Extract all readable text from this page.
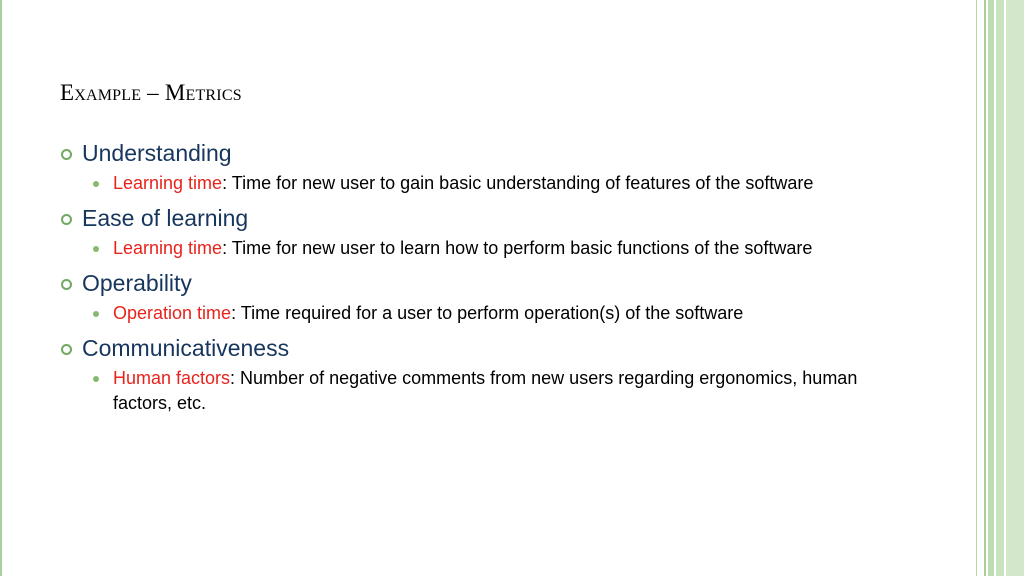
Example – Metrics
Understanding
Learning time: Time for new user to gain basic understanding of features of the software
Ease of learning
Learning time: Time for new user to learn how to perform basic functions of the software
Operability
Operation time: Time required for a user to perform operation(s) of the software
Communicativeness
Human factors: Number of negative comments from new users regarding ergonomics, human factors, etc.
